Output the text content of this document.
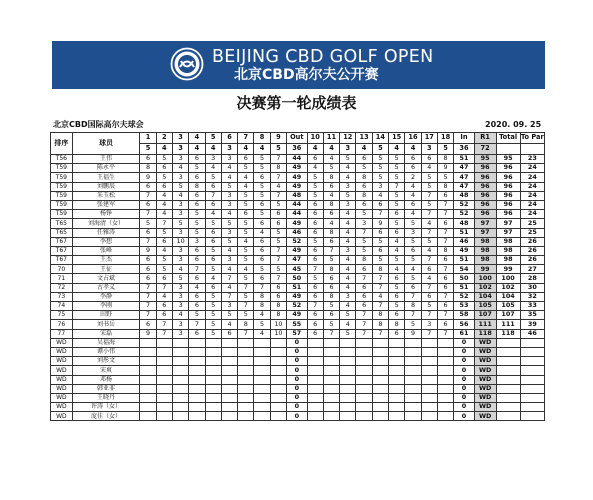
BEIJING CBD GOLF OPEN
北京CBD高尔夫公开赛
决赛第一轮成绩表
北京CBD国际高尔夫球会	2020. 09. 25
排序	球员	1	2	3	4	5	6	7	8	9	Out	10	11	12	13	14	15	16	17	18	In	R1	Total	To Par
		5	4	3	4	4	3	4	4	5	36	4	4	3	4	5	4	4	3	5	36	72		
T56	王伟	6	5	3	6	3	3	6	5	7	44	6	4	5	6	5	5	6	6	8	51	95	95	23
T59	陈永平	8	6	4	5	4	4	5	5	8	49	4	5	4	5	5	5	6	4	9	47	96	96	24
T59	王福生	9	5	3	6	5	4	4	6	7	49	5	8	4	8	5	5	2	5	5	47	96	96	24
T59	刘鹏辰	6	6	5	8	6	5	4	5	4	49	5	6	3	6	3	7	4	5	8	47	96	96	24
T59	朱玉松	7	4	4	6	7	3	5	5	7	48	5	4	5	8	4	5	4	7	6	48	96	96	24
T59	张建军	6	4	3	6	6	3	5	6	5	44	6	8	3	6	6	5	6	5	7	52	96	96	24
T59	杨铮	7	4	3	5	4	4	6	5	6	44	6	6	4	5	7	6	4	7	7	52	96	96	24
T65	刘海清（女）	5	7	5	5	5	5	5	6	6	49	6	4	4	3	9	5	5	4	6	48	97	97	25
T65	任雅涛	6	5	3	5	6	3	5	4	5	46	6	8	4	7	6	6	3	7	7	51	97	97	25
T67	李想	7	6	10	3	6	5	4	6	5	52	5	6	4	5	5	4	5	5	7	46	98	98	26
T67	张峰	9	4	3	6	5	4	5	6	7	49	6	7	3	5	6	4	6	4	8	49	98	98	26
T67	王杰	6	5	3	6	6	3	5	6	7	47	6	5	4	8	5	5	5	7	6	51	98	98	26
70	王征	6	5	4	7	5	4	4	5	5	45	7	8	4	6	8	4	4	6	7	54	99	99	27
71	文占斌	6	6	5	6	4	7	5	6	7	50	5	6	4	7	7	6	5	4	6	50	100	100	28
72	古孝义	7	7	3	4	6	4	7	7	6	51	6	6	4	6	7	5	6	7	6	51	102	102	30
73	李静	7	4	3	6	5	7	5	8	6	49	6	8	3	6	4	6	7	6	7	52	104	104	32
74	李刚	7	6	3	6	5	3	7	8	8	52	7	5	4	6	7	5	8	5	6	53	105	105	33
75	田野	7	6	4	5	5	5	5	4	8	49	6	6	5	7	8	6	7	7	7	58	107	107	35
76	刘书岳	6	7	3	7	5	4	8	5	10	55	6	5	4	7	8	8	5	3	6	56	111	111	39
77	宋磊	9	7	3	6	5	6	7	4	10	57	6	7	5	7	7	6	9	7	7	61	118	118	46
WD	吴福海										0										0	WD		
WD	谭小伟										0										0	WD		
WD	刘彤文										0										0	WD		
WD	宋爽										0										0	WD		
WD	邓杨										0										0	WD		
WD	韩亚非										0										0	WD		
WD	王晓丹										0										0	WD		
WD	许涛（女）										0										0	WD		
WD	庞佳（女）										0										0	WD		
